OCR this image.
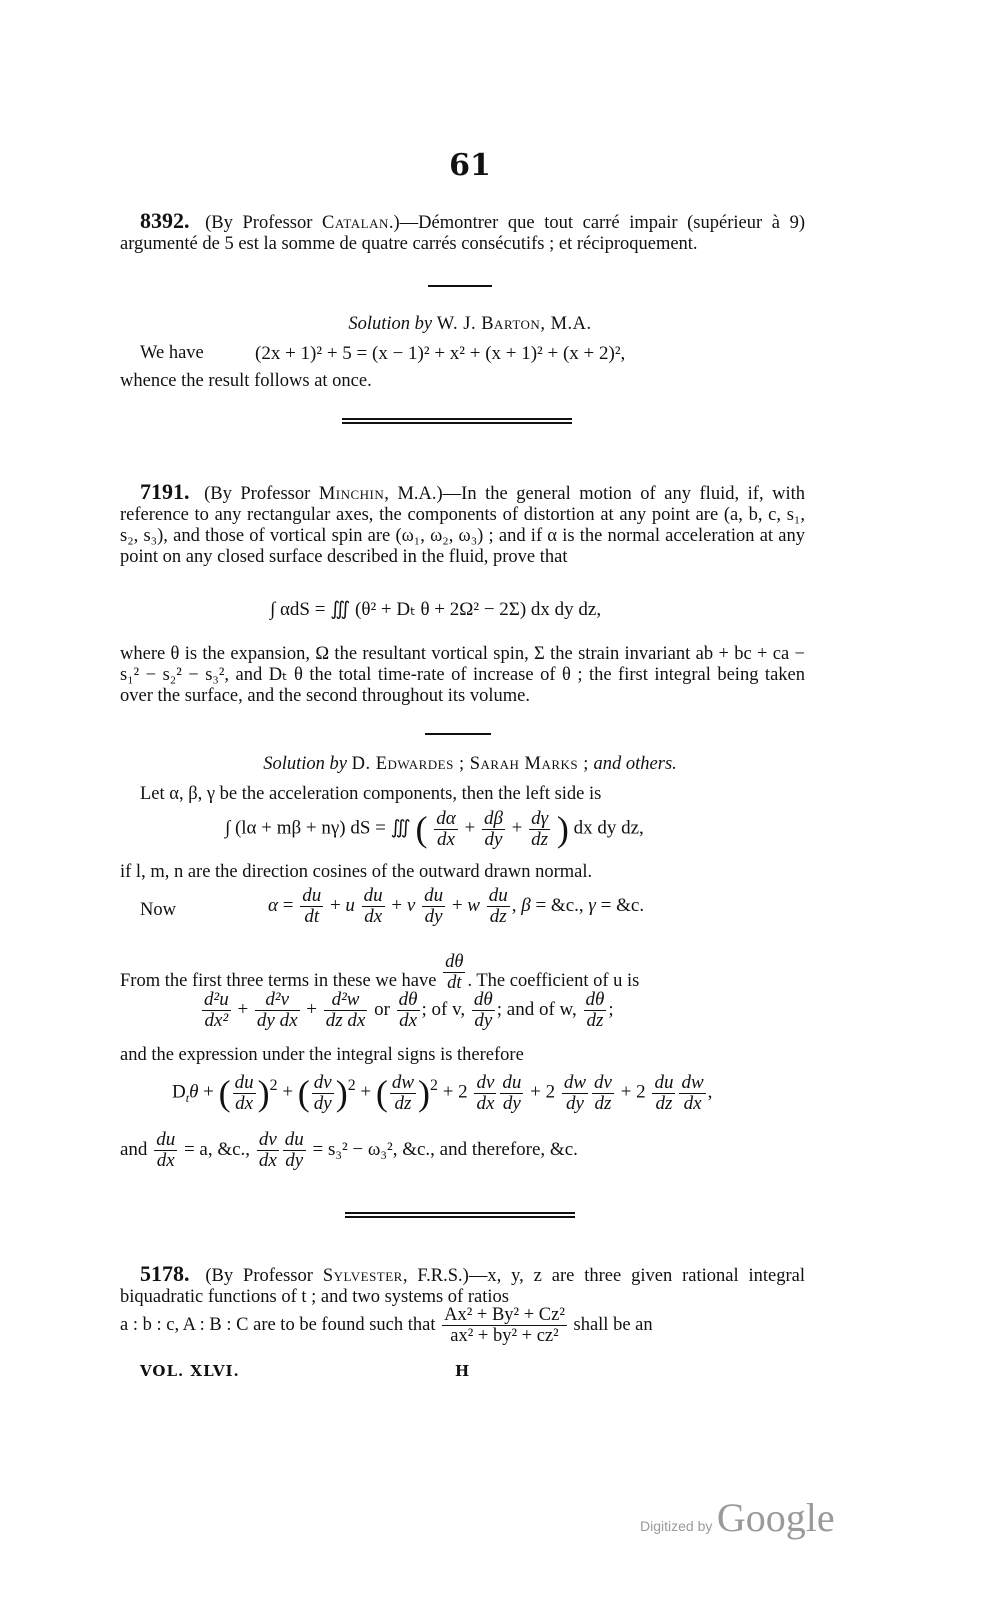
61
8392. (By Professor Catalan.)—Démontrer que tout carré impair (supérieur à 9) argumenté de 5 est la somme de quatre carrés consécutifs ; et réciproquement.
Solution by W. J. Barton, M.A.
We have	(2x + 1)² + 5 = (x − 1)² + x² + (x + 1)² + (x + 2)²,
whence the result follows at once.
7191. (By Professor Minchin, M.A.)—In the general motion of any fluid, if, with reference to any rectangular axes, the components of distortion at any point are (a, b, c, s₁, s₂, s₃), and those of vortical spin are (ω₁, ω₂, ω₃) ; and if α is the normal acceleration at any point on any closed surface described in the fluid, prove that
∫ αdS = ∭ (θ² + Dₜ θ + 2Ω² − 2Σ) dx dy dz,
where θ is the expansion, Ω the resultant vortical spin, Σ the strain invariant ab + bc + ca − s₁² − s₂² − s₃², and Dₜ θ the total time-rate of increase of θ ; the first integral being taken over the surface, and the second throughout its volume.
Solution by D. Edwardes ; Sarah Marks ; and others.
Let α, β, γ be the acceleration components, then the left side is
∫ (lα + mβ + nγ) dS = ∭ ( $\frac{d\alpha}{dx} + \frac{d\beta}{dy} + \frac{d\gamma}{dz}$ ) dx dy dz,
if l, m, n are the direction cosines of the outward drawn normal.
Now	$\alpha = \frac{du}{dt} + u \frac{du}{dx} + v \frac{du}{dy} + w \frac{du}{dz}$ , β = &c., γ = &c.
From the first three terms in these we have $\frac{d\theta}{dt}$ . The coefficient of u is
$\frac{\text{d²u}}{\text{dx²}} + \frac{\text{d²v}}{\text{dy dx}} + \frac{\text{d²w}}{\text{dz dx}}$ or $\frac{d\theta}{dx}$ ; of v, $\frac{d\theta}{dy}$ ; and of w, $\frac{d\theta}{dz}$ ;
and the expression under the integral signs is therefore
$D_t\theta$ + ( $\frac{du}{dx} )^2$ + ( $\frac{dv}{dy} )^2$ + ( $\frac{dw}{dz} )^2 + 2 \frac{dv}{dx} \frac{du}{dy} + 2 \frac{dw}{dy} \frac{dv}{dz} + 2 \frac{du}{dz} \frac{dw}{dx}$ ,
and $\frac{du}{dx} = a$, &c., $\frac{dv}{dx} \frac{du}{dy} = s_3^2 - \omega_3^2$, &c., and therefore, &c.
5178. (By Professor Sylvester, F.R.S.)—x, y, z are three given rational integral biquadratic functions of t ; and two systems of ratios
a : b : c, A : B : C are to be found such that $\frac{\text{Ax² + By² + Cz²}}{\text{ax² + by² + cz²}}$ shall be an
VOL. XLVI.	H
Digitized by Google
